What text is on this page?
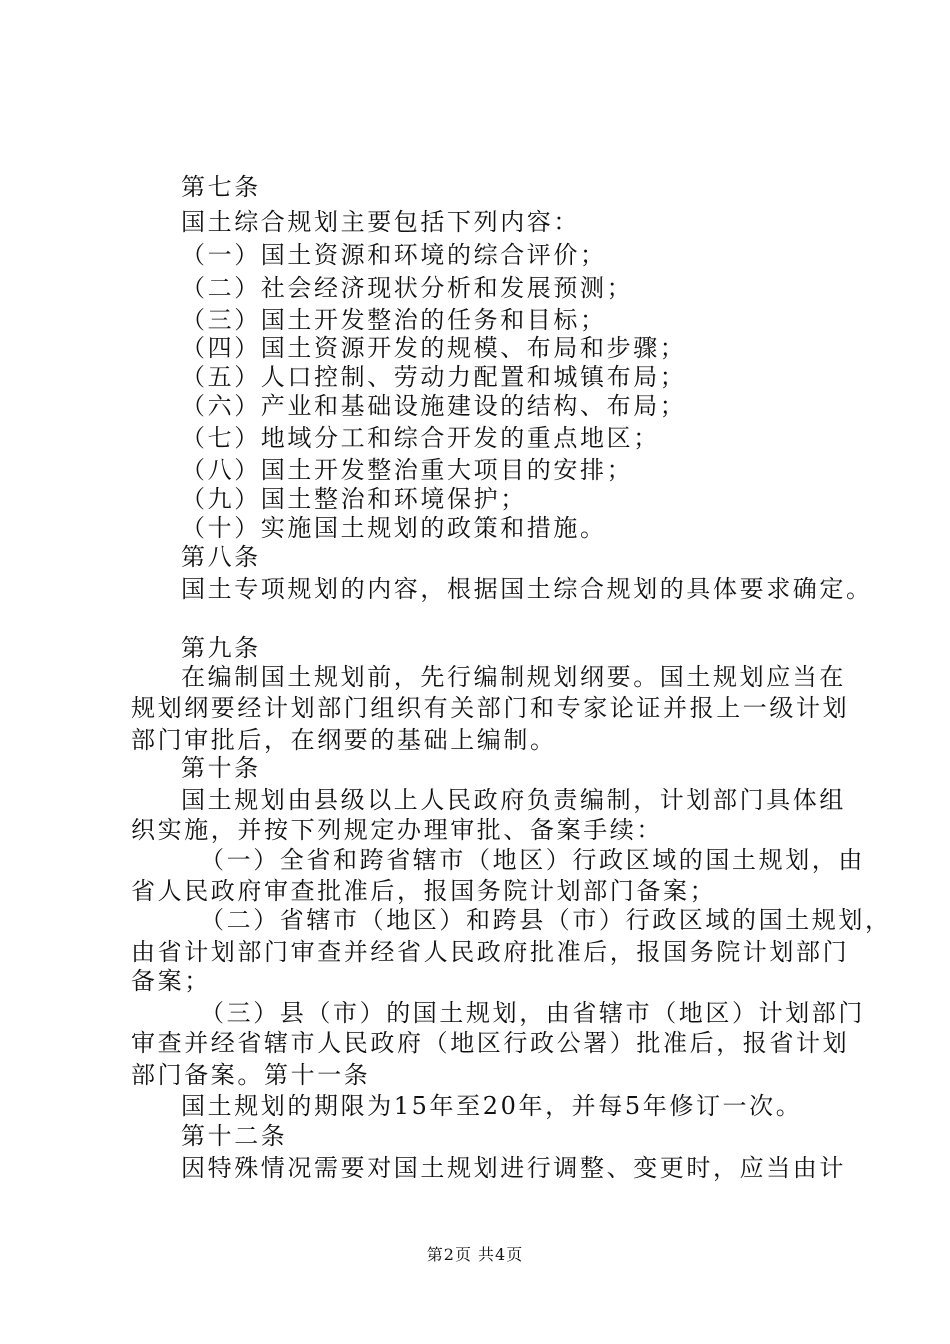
第七条
国土综合规划主要包括下列内容：
（一）国土资源和环境的综合评价；
（二）社会经济现状分析和发展预测；
（三）国土开发整治的任务和目标；
（四）国土资源开发的规模、布局和步骤；
（五）人口控制、劳动力配置和城镇布局；
（六）产业和基础设施建设的结构、布局；
（七）地域分工和综合开发的重点地区；
（八）国土开发整治重大项目的安排；
（九）国土整治和环境保护；
（十）实施国土规划的政策和措施。
第八条
国土专项规划的内容，根据国土综合规划的具体要求确定。
第九条
在编制国土规划前，先行编制规划纲要。国土规划应当在
规划纲要经计划部门组织有关部门和专家论证并报上一级计划
部门审批后，在纲要的基础上编制。
第十条
国土规划由县级以上人民政府负责编制，计划部门具体组
织实施，并按下列规定办理审批、备案手续：
（一）全省和跨省辖市（地区）行政区域的国土规划，由
省人民政府审查批准后，报国务院计划部门备案；
（二）省辖市（地区）和跨县（市）行政区域的国土规划，
由省计划部门审查并经省人民政府批准后，报国务院计划部门
备案；
（三）县（市）的国土规划，由省辖市（地区）计划部门
审查并经省辖市人民政府（地区行政公署）批准后，报省计划
部门备案。第十一条
国土规划的期限为15年至20年，并每5年修订一次。
第十二条
因特殊情况需要对国土规划进行调整、变更时，应当由计
第2页 共4页
